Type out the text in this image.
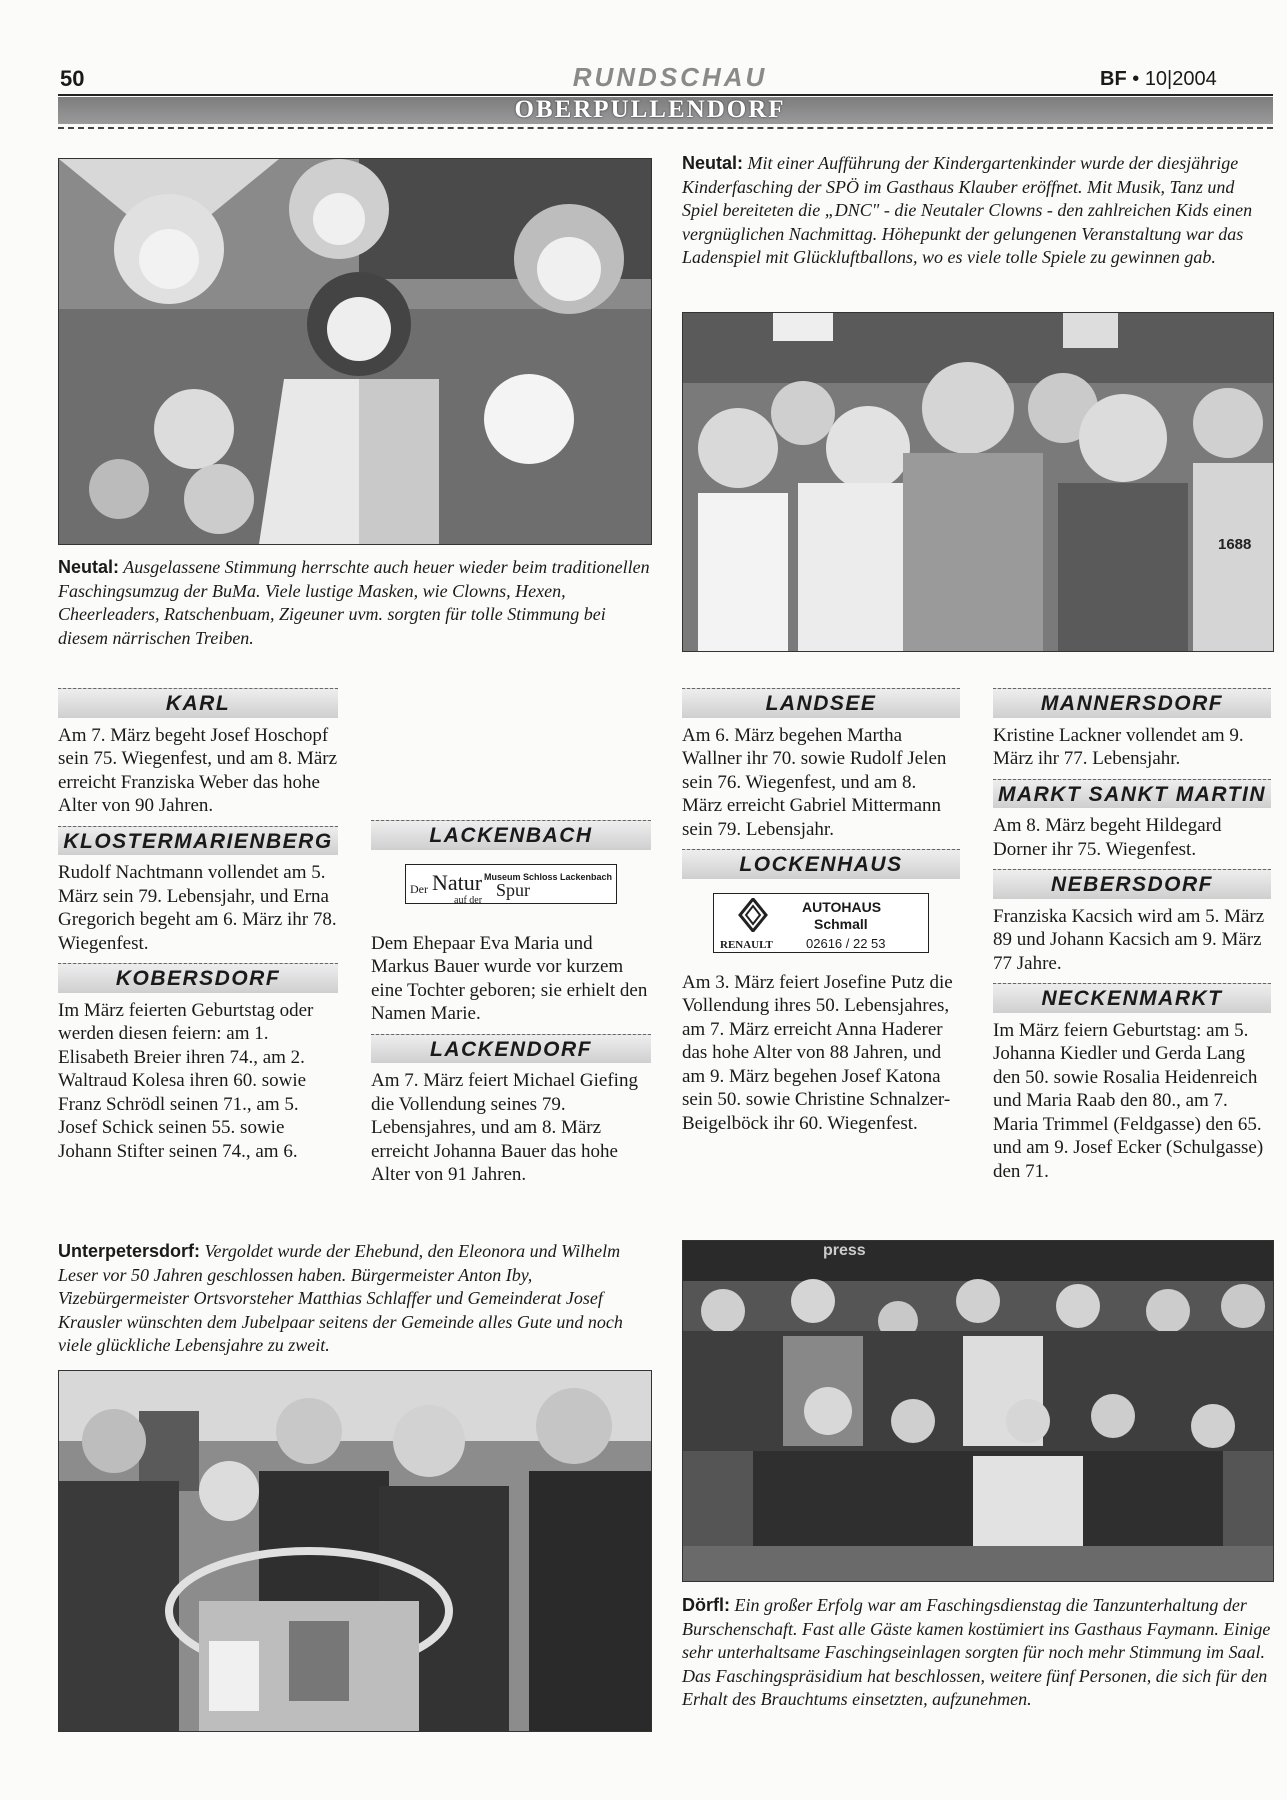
50	RUNDSCHAU	BF • 10|2004
OBERPULLENDORF
Neutal: Ausgelassene Stimmung herrschte auch heuer wieder beim traditionellen Faschingsumzug der BuMa. Viele lustige Masken, wie Clowns, Hexen, Cheerleaders, Ratschenbuam, Zigeuner uvm. sorgten für tolle Stimmung bei diesem närrischen Treiben.
Neutal: Mit einer Aufführung der Kindergartenkinder wurde der diesjährige Kinderfasching der SPÖ im Gasthaus Klauber eröffnet. Mit Musik, Tanz und Spiel bereiteten die „DNC" - die Neutaler Clowns - den zahlreichen Kids einen vergnüglichen Nachmittag. Höhepunkt der gelungenen Veranstaltung war das Ladenspiel mit Glückluftballons, wo es viele tolle Spiele zu gewinnen gab.
1688
KARL

Am 7. März begeht Josef Hoschopf sein 75. Wiegenfest, und am 8. März erreicht Franziska Weber das hohe Alter von 90 Jahren.

KLOSTERMARIENBERG

Rudolf Nachtmann vollendet am 5. März sein 79. Lebensjahr, und Erna Gregorich begeht am 6. März ihr 78. Wiegenfest.

KOBERSDORF

Im März feierten Geburtstag oder werden diesen feiern: am 1. Elisabeth Breier ihren 74., am 2. Waltraud Kolesa ihren 60. sowie Franz Schrödl seinen 71., am 5. Josef Schick seinen 55. sowie Johann Stifter seinen 74., am 6.

LACKENBACH
Museum Schloss Lackenbach
Der Natur
auf der
Spur

Dem Ehepaar Eva Maria und Markus Bauer wurde vor kurzem eine Tochter geboren; sie erhielt den Namen Marie.

LACKENDORF

Am 7. März feiert Michael Giefing die Vollendung seines 79. Lebensjahres, und am 8. März erreicht Johanna Bauer das hohe Alter von 91 Jahren.

LANDSEE

Am 6. März begehen Martha Wallner ihr 70. sowie Rudolf Jelen sein 76. Wiegenfest, und am 8. März erreicht Gabriel Mittermann sein 79. Lebensjahr.

LOCKENHAUS
RENAULT
AUTOHAUS
Schmall
02616 / 22 53

Am 3. März feiert Josefine Putz die Vollendung ihres 50. Lebensjahres, am 7. März erreicht Anna Haderer das hohe Alter von 88 Jahren, und am 9. März begehen Josef Katona sein 50. sowie Christine Schnalzer-Beigelböck ihr 60. Wiegenfest.

MANNERSDORF

Kristine Lackner vollendet am 9. März ihr 77. Lebensjahr.

MARKT SANKT MARTIN

Am 8. März begeht Hildegard Dorner ihr 75. Wiegenfest.

NEBERSDORF

Franziska Kacsich wird am 5. März 89 und Johann Kacsich am 9. März 77 Jahre.

NECKENMARKT

Im März feiern Geburtstag: am 5. Johanna Kiedler und Gerda Lang den 50. sowie Rosalia Heidenreich und Maria Raab den 80., am 7. Maria Trimmel (Feldgasse) den 65. und am 9. Josef Ecker (Schulgasse) den 71.

Unterpetersdorf: Vergoldet wurde der Ehebund, den Eleonora und Wilhelm Leser vor 50 Jahren geschlossen haben. Bürgermeister Anton Iby, Vizebürgermeister Ortsvorsteher Matthias Schlaffer und Gemeinderat Josef Krausler wünschten dem Jubelpaar seitens der Gemeinde alles Gute und noch viele glückliche Lebensjahre zu zweit.
press
Dörfl: Ein großer Erfolg war am Faschingsdienstag die Tanzunterhaltung der Burschenschaft. Fast alle Gäste kamen kostümiert ins Gasthaus Faymann. Einige sehr unterhaltsame Faschingseinlagen sorgten für noch mehr Stimmung im Saal. Das Faschingspräsidium hat beschlossen, weitere fünf Personen, die sich für den Erhalt des Brauchtums einsetzten, aufzunehmen.
